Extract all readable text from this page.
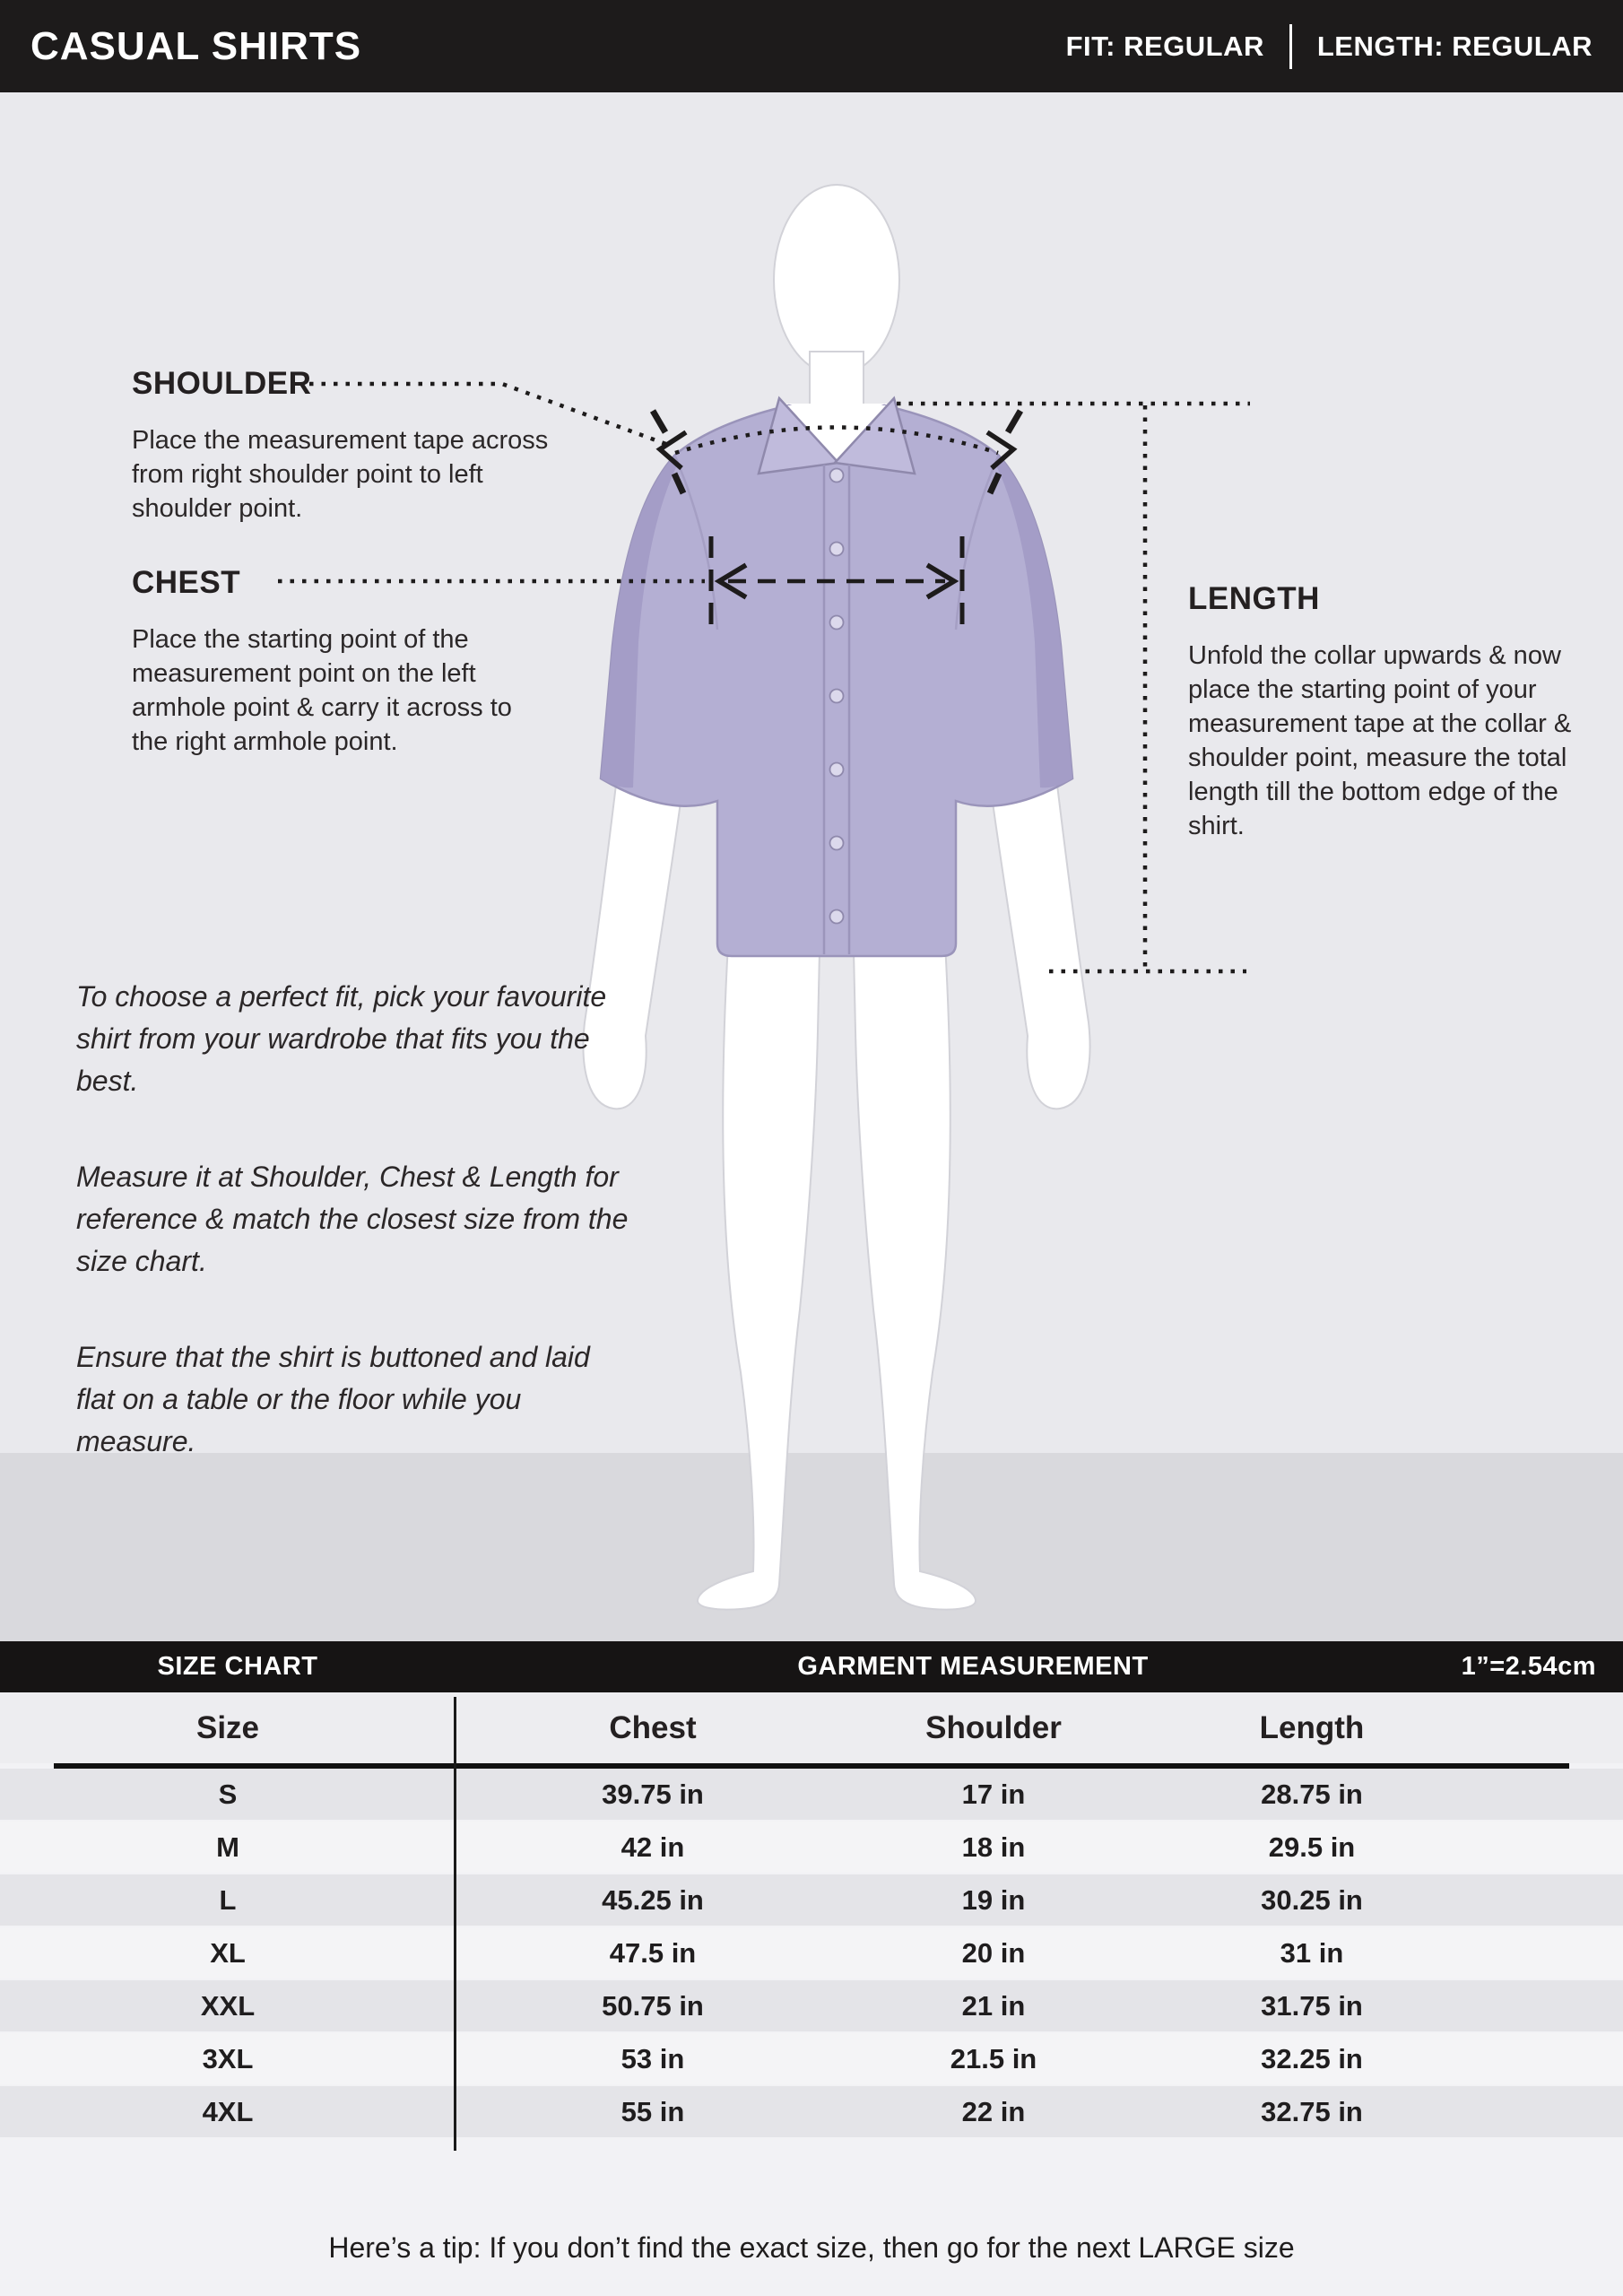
CASUAL SHIRTS	FIT: REGULAR LENGTH: REGULAR
SHOULDER
Place the measurement tape across from right shoulder point to left shoulder point.
CHEST
Place the starting point of the measurement point on the left armhole point & carry it across to the right armhole point.
LENGTH
Unfold the collar upwards & now place the starting point of your measurement tape at the collar & shoulder point, measure the total length till the bottom edge of the shirt.

To choose a perfect fit, pick your favourite shirt from your wardrobe that fits you the best.

Measure it at Shoulder, Chest & Length for reference & match the closest size from the size chart.

Ensure that the shirt is buttoned and laid flat on a table or the floor while you measure.

SIZE CHART	GARMENT MEASUREMENT	1”=2.54cm
Size	Chest	Shoulder	Length
S	39.75 in	17 in	28.75 in
M	42 in	18 in	29.5 in
L	45.25 in	19 in	30.25 in
XL	47.5 in	20 in	31 in
XXL	50.75 in	21 in	31.75 in
3XL	53 in	21.5 in	32.25 in
4XL	55 in	22 in	32.75 in
Here’s a tip: If you don’t find the exact size, then go for the next LARGE size
